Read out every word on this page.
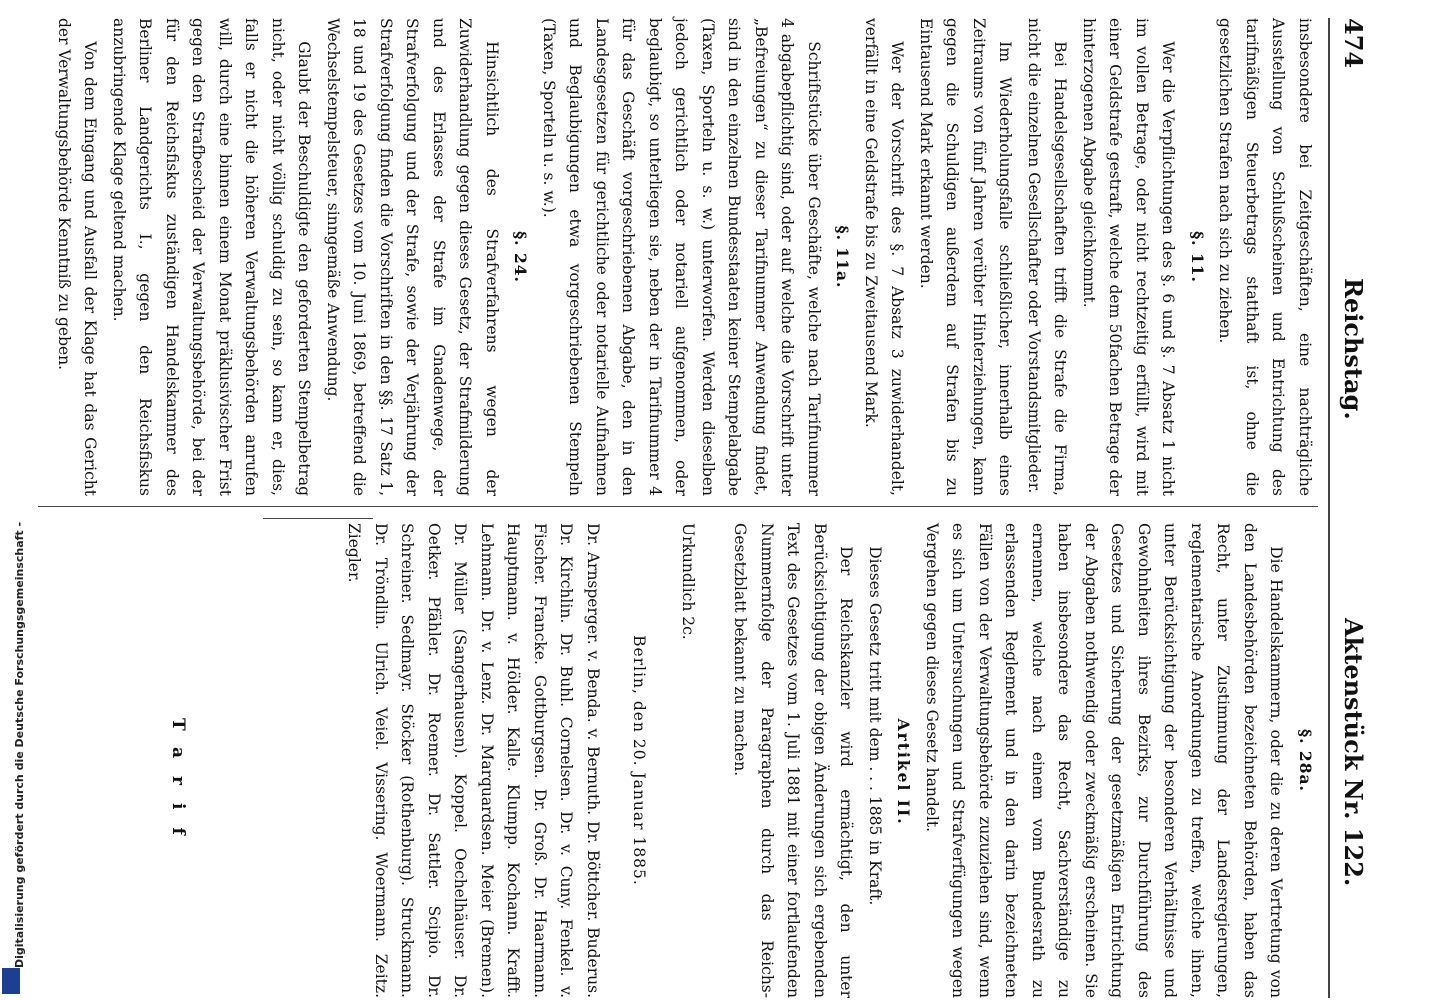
Digitalisierung gefördert durch die Deutsche Forschungsgemeinschaft -
474
Reichstag.
Aktenstück Nr. 122.

insbesondere bei Zeitgeschäften, eine nachträgliche Ausstellung von Schlußscheinen und Entrichtung des tarifmäßigen Steuerbetrags statthaft ist, ohne die gesetzlichen Strafen nach sich zu ziehen.

§. 11.

Wer die Verpflichtungen des §. 6 und §. 7 Absatz 1 nicht im vollen Betrage, oder nicht rechtzeitig erfüllt, wird mit einer Geldstrafe gestraft, welche dem 50fachen Betrage der hinterzogenen Abgabe gleichkommt.

Bei Handelsgesellschaften trifft die Strafe die Firma, nicht die einzelnen Gesellschafter oder Vorstandsmitglieder.

Im Wiederholungsfalle schließlicher, innerhalb eines Zeitraums von fünf Jahren verübter Hinterziehungen, kann gegen die Schuldigen außerdem auf Strafen bis zu Eintausend Mark erkannt werden.

Wer der Vorschrift des §. 7 Absatz 3 zuwiderhandelt, verfällt in eine Geldstrafe bis zu Zweitausend Mark.

§. 11a.

Schriftstücke über Geschäfte, welche nach Tarifnummer 4 abgabepflichtig sind, oder auf welche die Vorschrift unter „Befreiungen“ zu dieser Tarifnummer Anwendung findet, sind in den einzelnen Bundesstaaten keiner Stempelabgabe (Taxen, Sporteln u. s. w.) unterworfen. Werden dieselben jedoch gerichtlich oder notariell aufgenommen, oder beglaubigt, so unterliegen sie, neben der in Tarifnummer 4 für das Geschäft vorgeschriebenen Abgabe, den in den Landesgesetzen für gerichtliche oder notarielle Aufnahmen und Beglaubigungen etwa vorgeschriebenen Stempeln (Taxen, Sporteln u. s. w.).

§. 24.

Hinsichtlich des Strafverfahrens wegen der Zuwiderhandlung gegen dieses Gesetz, der Strafmilderung und des Erlasses der Strafe im Gnadenwege, der Strafverfolgung und der Strafe, sowie der Verjährung der Strafverfolgung finden die Vorschriften in den §§. 17 Satz 1, 18 und 19 des Gesetzes vom 10. Juni 1869, betreffend die Wechselstempelsteuer, sinngemäße Anwendung.

Glaubt der Beschuldigte den geforderten Stempelbetrag nicht, oder nicht völlig schuldig zu sein, so kann er, dies, falls er nicht die höheren Verwaltungsbehörden anrufen will, durch eine binnen einem Monat präklusivischer Frist gegen den Strafbescheid der Verwaltungsbehörde, bei der für den Reichsfiskus zuständigen Handelskammer des Berliner Landgerichts I., gegen den Reichsfiskus anzubringende Klage geltend machen.

Von dem Eingang und Ausfall der Klage hat das Gericht der Verwaltungsbehörde Kenntniß zu geben.

§. 28a.

Die Handelskammern, oder die zu deren Vertretung von den Landesbehörden bezeichneten Behörden, haben das Recht, unter Zustimmung der Landesregierungen, reglementarische Anordnungen zu treffen, welche ihnen, unter Berücksichtigung der besonderen Verhältnisse und Gewohnheiten ihres Bezirks, zur Durchführung des Gesetzes und Sicherung der gesetzmäßigen Entrichtung der Abgaben nothwendig oder zweckmäßig erscheinen. Sie haben insbesondere das Recht, Sachverständige zu ernennen, welche nach einem vom Bundesrath zu erlassenden Reglement und in den darin bezeichneten Fällen von der Verwaltungsbehörde zuzuziehen sind, wenn es sich um Untersuchungen und Strafverfügungen wegen Vergehen gegen dieses Gesetz handelt.

Artikel II.

Dieses Gesetz tritt mit dem . . . 1885 in Kraft.

Der Reichskanzler wird ermächtigt, den unter Berücksichtigung der obigen Änderungen sich ergebenden Text des Gesetzes vom 1. Juli 1881 mit einer fortlaufenden Nummernfolge der Paragraphen durch das Reichs-Gesetzblatt bekannt zu machen.

Urkundlich 2c.

Berlin, den 20. Januar 1885.

Dr. Arnsperger. v. Benda. v. Bernuth. Dr. Böttcher. Buderus. Dr. Kirchlin. Dr. Buhl. Cornelsen. Dr. v. Cuny. Fenkel. v. Fischer. Francke. Gottburgsen. Dr. Groß. Dr. Haarmann. Hauptmann. v. Hölder. Kalle. Klumpp. Kochann. Krafft. Lehmann. Dr. v. Lenz. Dr. Marquardsen. Meier (Bremen). Dr. Müller (Sangerhausen). Koppel. Oechelhäuser. Dr. Oetker. Pfähler. Dr. Roemer. Dr. Sattler. Scipio. Dr. Schreiner. Sedlmayr. Stöcker (Rothenburg). Struckmann. Dr. Tröndlin. Ulrich. Veiel. Vissering. Woermann. Zeitz. Ziegler.

Tarif
